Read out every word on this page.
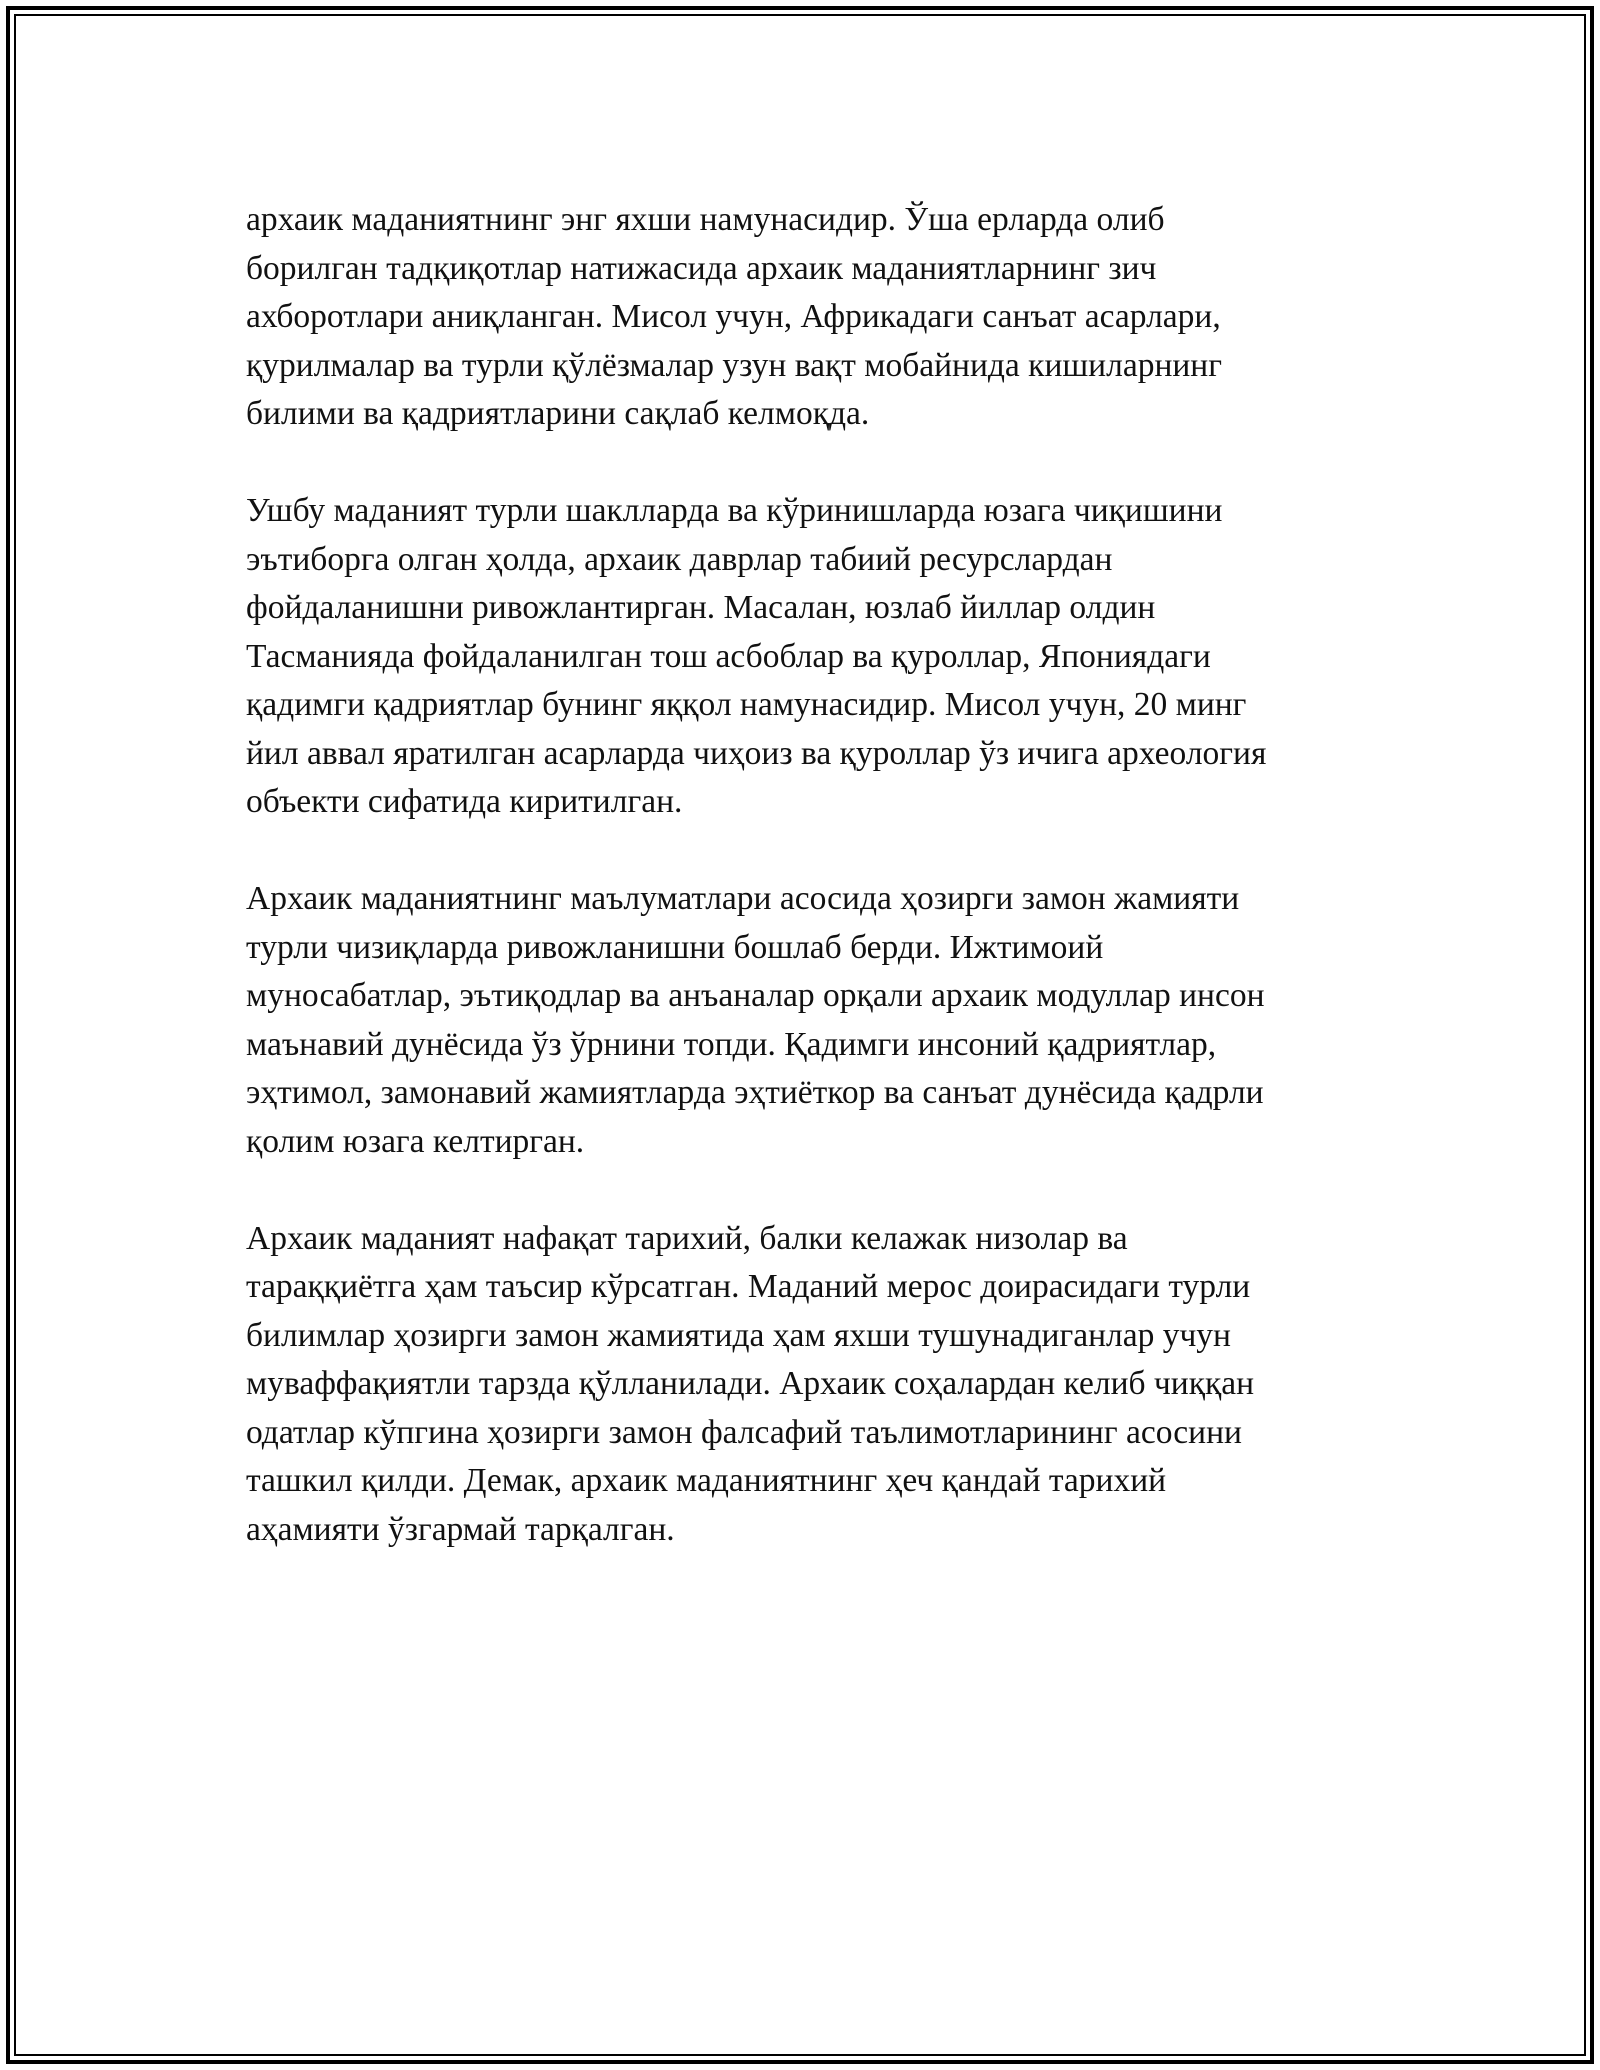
архаик маданиятнинг энг яхши намунасидир. Ўша ерларда олиб
борилган тадқиқотлар натижасида архаик маданиятларнинг зич
ахборотлари аниқланган. Мисол учун, Африкадаги санъат асарлари,
қурилмалар ва турли қўлёзмалар узун вақт мобайнида кишиларнинг
билими ва қадриятларини сақлаб келмоқда.

Ушбу маданият турли шаклларда ва кўринишларда юзага чиқишини
эътиборга олган ҳолда, архаик даврлар табиий ресурслардан
фойдаланишни ривожлантирган. Масалан, юзлаб йиллар олдин
Тасманияда фойдаланилган тош асбоблар ва қуроллар, Япониядаги
қадимги қадриятлар бунинг яққол намунасидир. Мисол учун, 20 минг
йил аввал яратилган асарларда чиҳоиз ва қуроллар ўз ичига археология
объекти сифатида киритилган.

Архаик маданиятнинг маълуматлари асосида ҳозирги замон жамияти
турли чизиқларда ривожланишни бошлаб берди. Ижтимоий
муносабатлар, эътиқодлар ва анъаналар орқали архаик модуллар инсон
маънавий дунёсида ўз ўрнини топди. Қадимги инсоний қадриятлар,
эҳтимол, замонавий жамиятларда эҳтиёткор ва санъат дунёсида қадрли
қолим юзага келтирган.

Архаик маданият нафақат тарихий, балки келажак низолар ва
тараққиётга ҳам таъсир кўрсатган. Маданий мерос доирасидаги турли
билимлар ҳозирги замон жамиятида ҳам яхши тушунадиганлар учун
муваффақиятли тарзда қўлланилади. Архаик соҳалардан келиб чиққан
одатлар кўпгина ҳозирги замон фалсафий таълимотларининг асосини
ташкил қилди. Демак, архаик маданиятнинг ҳеч қандай тарихий
аҳамияти ўзгармай тарқалган.
